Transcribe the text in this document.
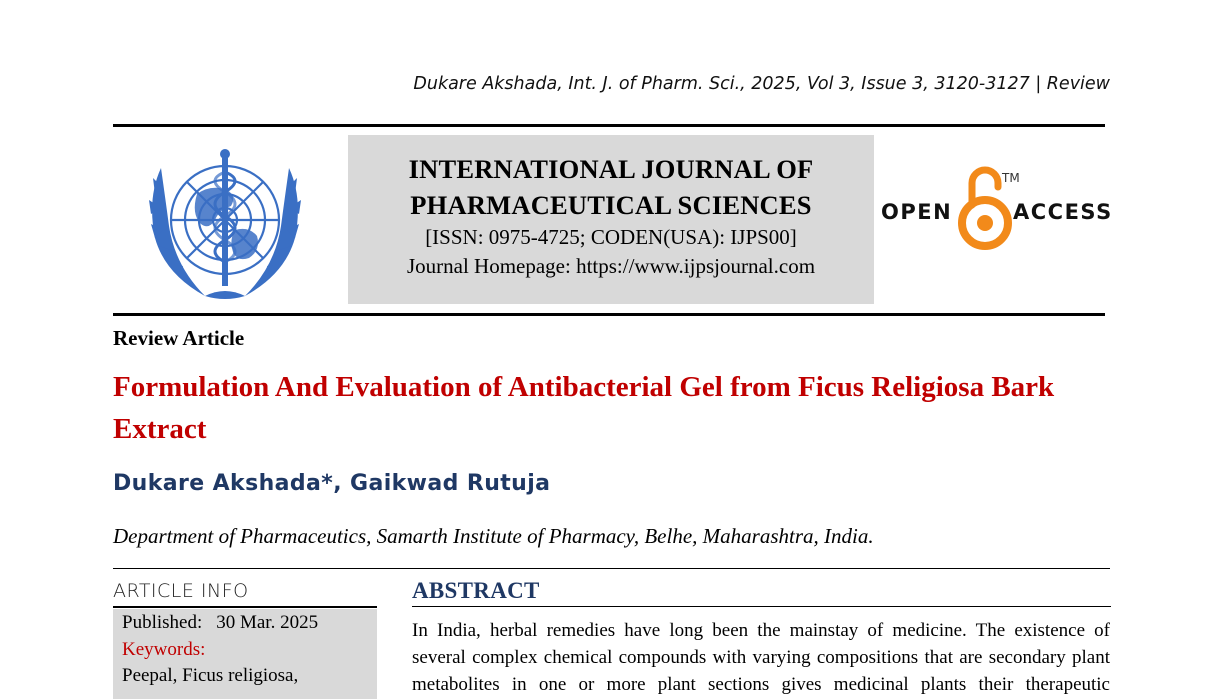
Dukare Akshada, Int. J. of Pharm. Sci., 2025, Vol 3, Issue 3, 3120-3127 | Review
INTERNATIONAL JOURNAL OF
PHARMACEUTICAL SCIENCES
[ISSN: 0975-4725; CODEN(USA): IJPS00]
Journal Homepage: https://www.ijpsjournal.com
TM
OPEN	ACCESS
Review Article
Formulation And Evaluation of Antibacterial Gel from Ficus Religiosa Bark Extract
Dukare Akshada*, Gaikwad Rutuja
Department of Pharmaceutics, Samarth Institute of Pharmacy, Belhe, Maharashtra, India.
ARTICLE INFO
Published: 30 Mar. 2025
Keywords:
Peepal, Ficus religiosa,
ABSTRACT
In India, herbal remedies have long been the mainstay of medicine. The existence of several complex chemical compounds with varying compositions that are secondary plant metabolites in one or more plant sections gives medicinal plants their therapeutic
